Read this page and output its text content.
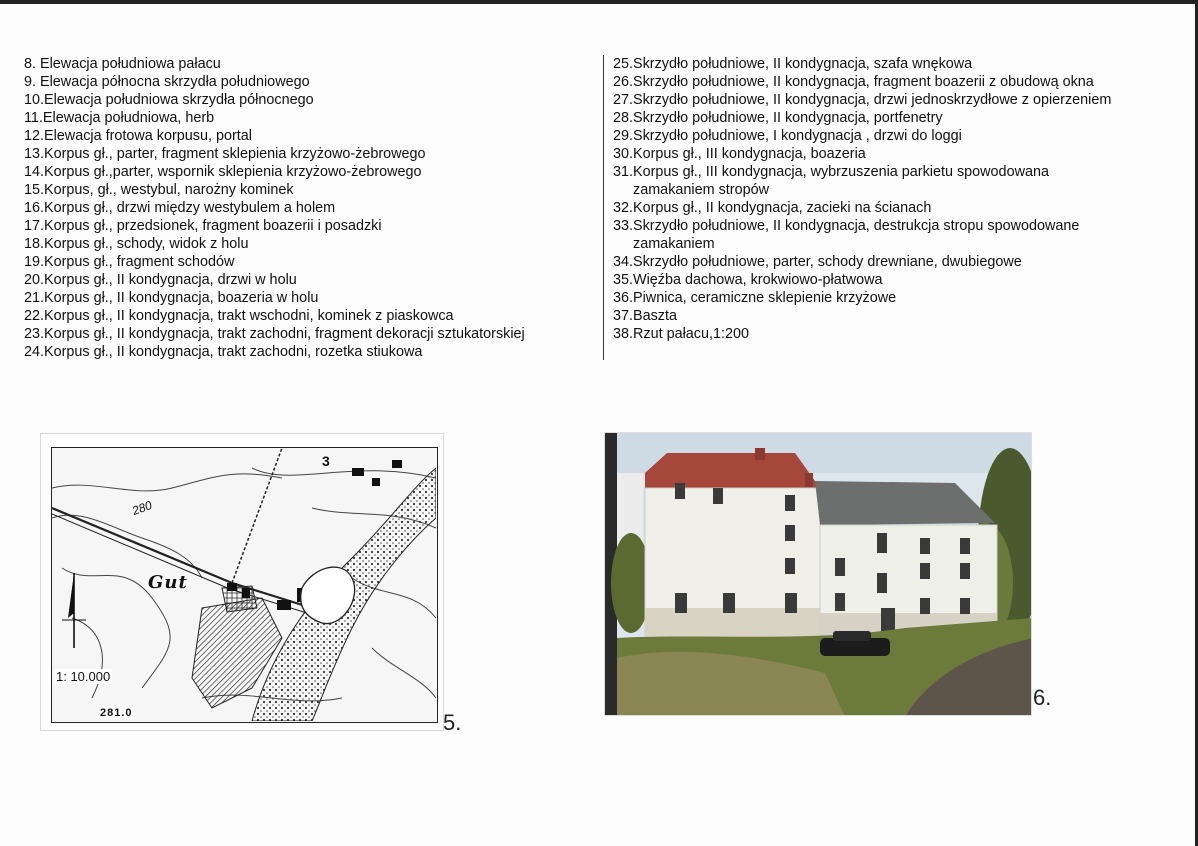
8. Elewacja południowa pałacu
9. Elewacja północna skrzydła południowego
10.Elewacja południowa skrzydła północnego
11.Elewacja południowa, herb
12.Elewacja frotowa korpusu, portal
13.Korpus gł., parter, fragment sklepienia krzyżowo-żebrowego
14.Korpus gł.,parter, wspornik sklepienia krzyżowo-żebrowego
15.Korpus, gł., westybul, narożny kominek
16.Korpus gł., drzwi między westybulem a holem
17.Korpus gł., przedsionek, fragment boazerii i posadzki
18.Korpus gł., schody, widok z holu
19.Korpus gł., fragment schodów
20.Korpus gł., II kondygnacja, drzwi w holu
21.Korpus gł., II kondygnacja, boazeria w holu
22.Korpus gł., II kondygnacja, trakt wschodni, kominek z piaskowca
23.Korpus gł., II kondygnacja, trakt zachodni, fragment dekoracji sztukatorskiej
24.Korpus gł., II kondygnacja, trakt zachodni, rozetka stiukowa
25.Skrzydło południowe, II kondygnacja, szafa wnękowa
26.Skrzydło południowe, II kondygnacja, fragment boazerii z obudową okna
27.Skrzydło południowe, II kondygnacja, drzwi jednoskrzydłowe z opierzeniem
28.Skrzydło południowe, II kondygnacja, portfenetry
29.Skrzydło południowe, I kondygnacja , drzwi do loggi
30.Korpus gł., III kondygnacja, boazeria
31.Korpus gł., III kondygnacja, wybrzuszenia parkietu spowodowana
zamakaniem stropów
32.Korpus gł., II kondygnacja, zacieki na ścianach
33.Skrzydło południowe, II kondygnacja, destrukcja stropu spowodowane
zamakaniem
34.Skrzydło południowe, parter, schody drewniane, dwubiegowe
35.Więźba dachowa, krokwiowo-płatwowa
36.Piwnica, ceramiczne sklepienie krzyżowe
37.Baszta
38.Rzut pałacu,1:200
Gut
280
3
1: 10.000
281.0	5.
6.
